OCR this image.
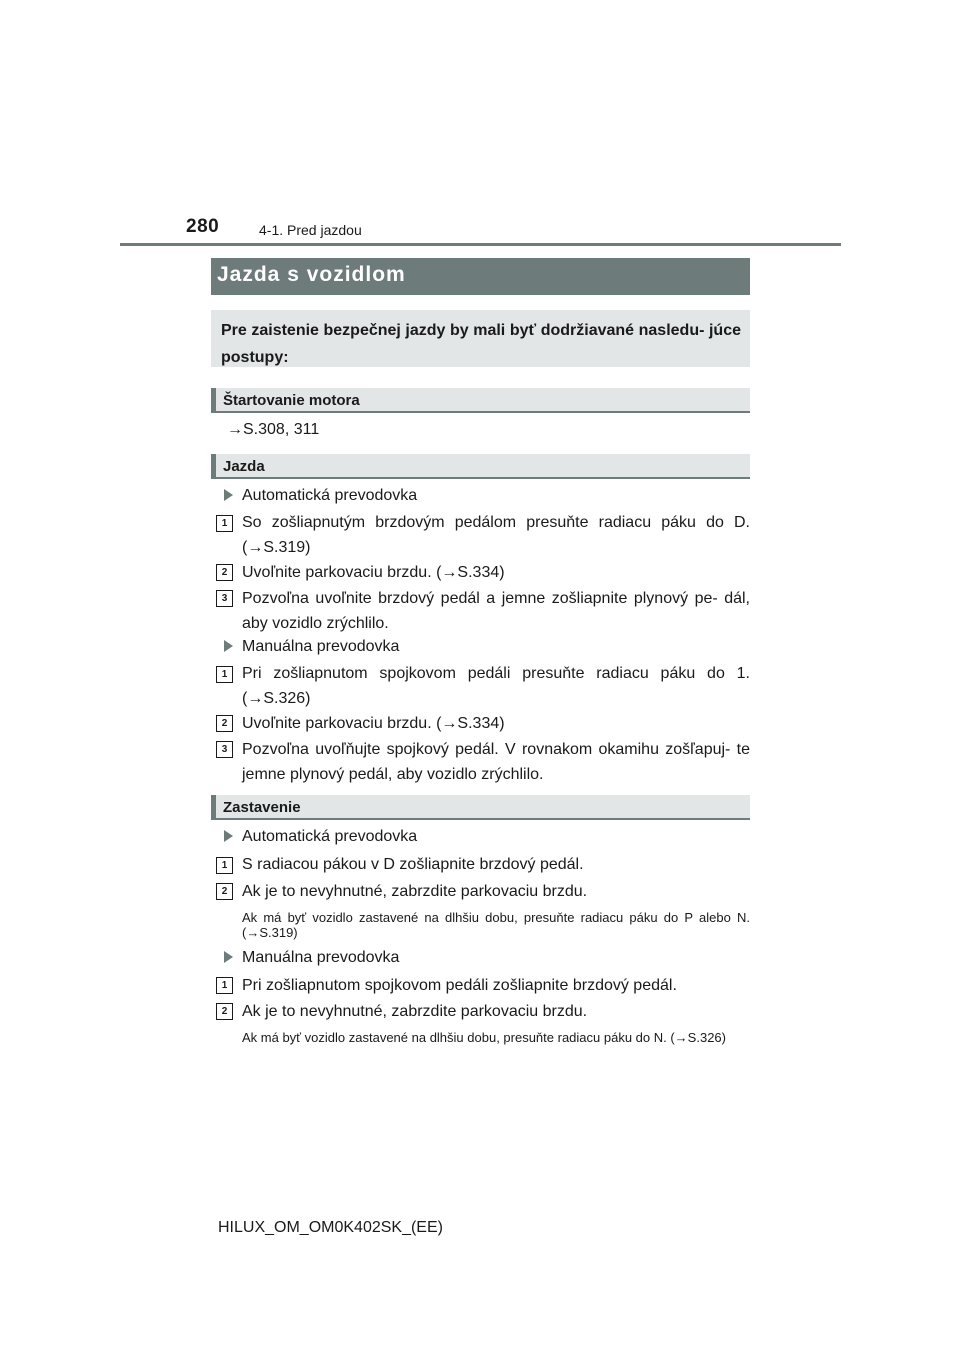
280	4-1. Pred jazdou
Jazda s vozidlom
Pre zaistenie bezpečnej jazdy by mali byť dodržiavané nasledu- júce postupy:
Štartovanie motora
→S.308, 311
Jazda
Automatická prevodovka
1 So zošliapnutým brzdovým pedálom presuňte radiacu páku do D. (→S.319)
2 Uvoľnite parkovaciu brzdu. (→S.334)
3 Pozvoľna uvoľnite brzdový pedál a jemne zošliapnite plynový pe- dál, aby vozidlo zrýchlilo.
Manuálna prevodovka
1 Pri zošliapnutom spojkovom pedáli presuňte radiacu páku do 1. (→S.326)
2 Uvoľnite parkovaciu brzdu. (→S.334)
3 Pozvoľna uvoľňujte spojkový pedál. V rovnakom okamihu zošľapuj- te jemne plynový pedál, aby vozidlo zrýchlilo.
Zastavenie
Automatická prevodovka
1 S radiacou pákou v D zošliapnite brzdový pedál.
2 Ak je to nevyhnutné, zabrzdite parkovaciu brzdu.
Ak má byť vozidlo zastavené na dlhšiu dobu, presuňte radiacu páku do P alebo N. (→S.319)
Manuálna prevodovka
1 Pri zošliapnutom spojkovom pedáli zošliapnite brzdový pedál.
2 Ak je to nevyhnutné, zabrzdite parkovaciu brzdu.
Ak má byť vozidlo zastavené na dlhšiu dobu, presuňte radiacu páku do N. (→S.326)
HILUX_OM_OM0K402SK_(EE)
